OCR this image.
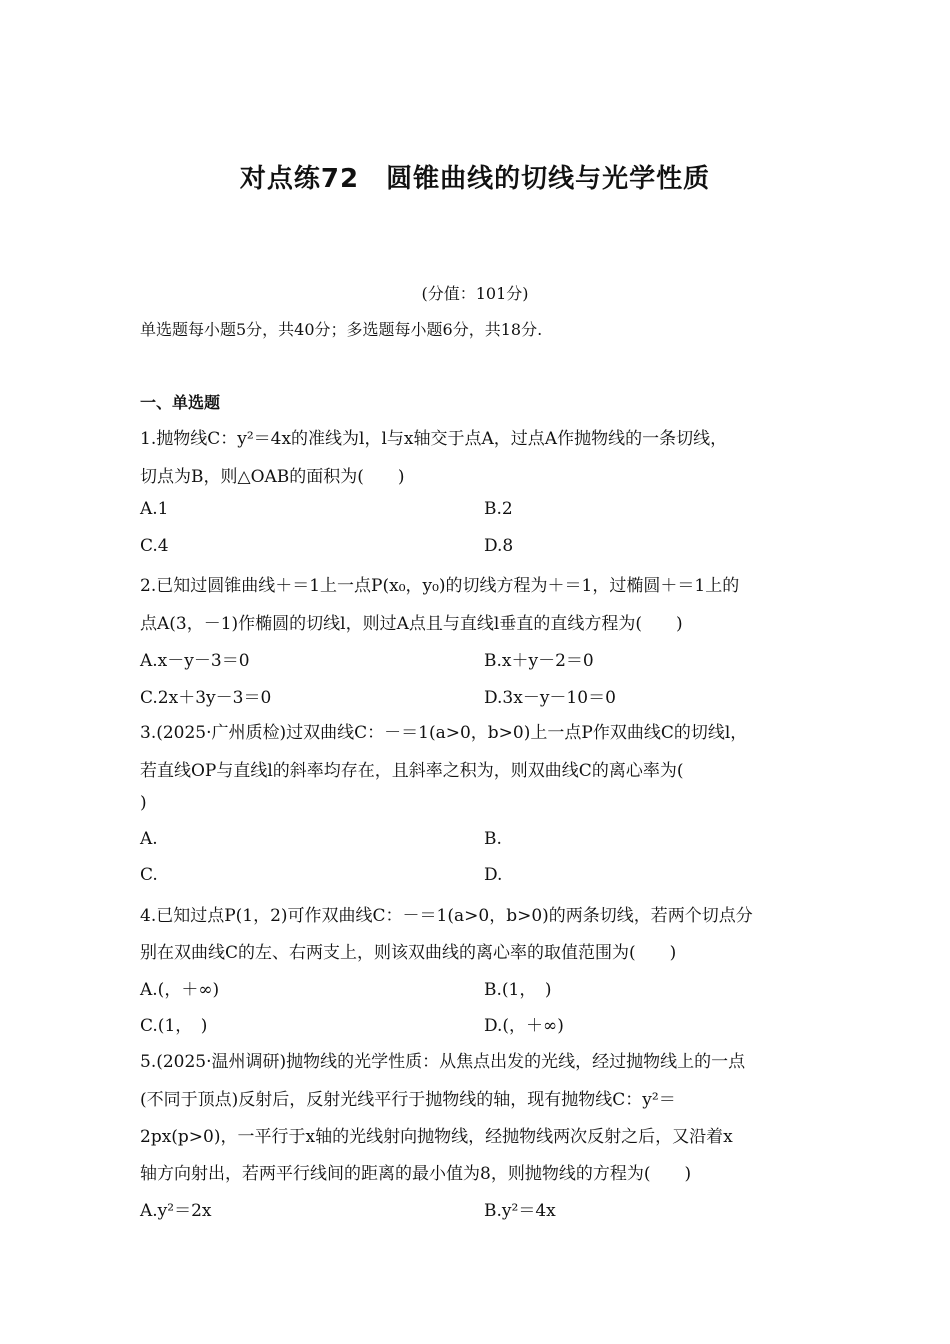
对点练72　圆锥曲线的切线与光学性质
(分值：101分)
单选题每小题5分，共40分；多选题每小题6分，共18分.
一、单选题
1.抛物线C：y²＝4x的准线为l，l与x轴交于点A，过点A作抛物线的一条切线，
切点为B，则△OAB的面积为(　　)
A.1	B.2
C.4	D.8
2.已知过圆锥曲线＋＝1上一点P(x₀，y₀)的切线方程为＋＝1，过椭圆＋＝1上的
点A(3，－1)作椭圆的切线l，则过A点且与直线l垂直的直线方程为(　　)
A.x－y－3＝0	B.x＋y－2＝0
C.2x＋3y－3＝0	D.3x－y－10＝0
3.(2025·广州质检)过双曲线C：－＝1(a>0，b>0)上一点P作双曲线C的切线l，
若直线OP与直线l的斜率均存在，且斜率之积为，则双曲线C的离心率为(
)
A.	B.
C.	D.
4.已知过点P(1，2)可作双曲线C：－＝1(a>0，b>0)的两条切线，若两个切点分
别在双曲线C的左、右两支上，则该双曲线的离心率的取值范围为(　　)
A.(，＋∞)	B.(1，　)
C.(1，　)	D.(，＋∞)
5.(2025·温州调研)抛物线的光学性质：从焦点出发的光线，经过抛物线上的一点
(不同于顶点)反射后，反射光线平行于抛物线的轴，现有抛物线C：y²＝
2px(p>0)，一平行于x轴的光线射向抛物线，经抛物线两次反射之后，又沿着x
轴方向射出，若两平行线间的距离的最小值为8，则抛物线的方程为(　　)
A.y²＝2x	B.y²＝4x
